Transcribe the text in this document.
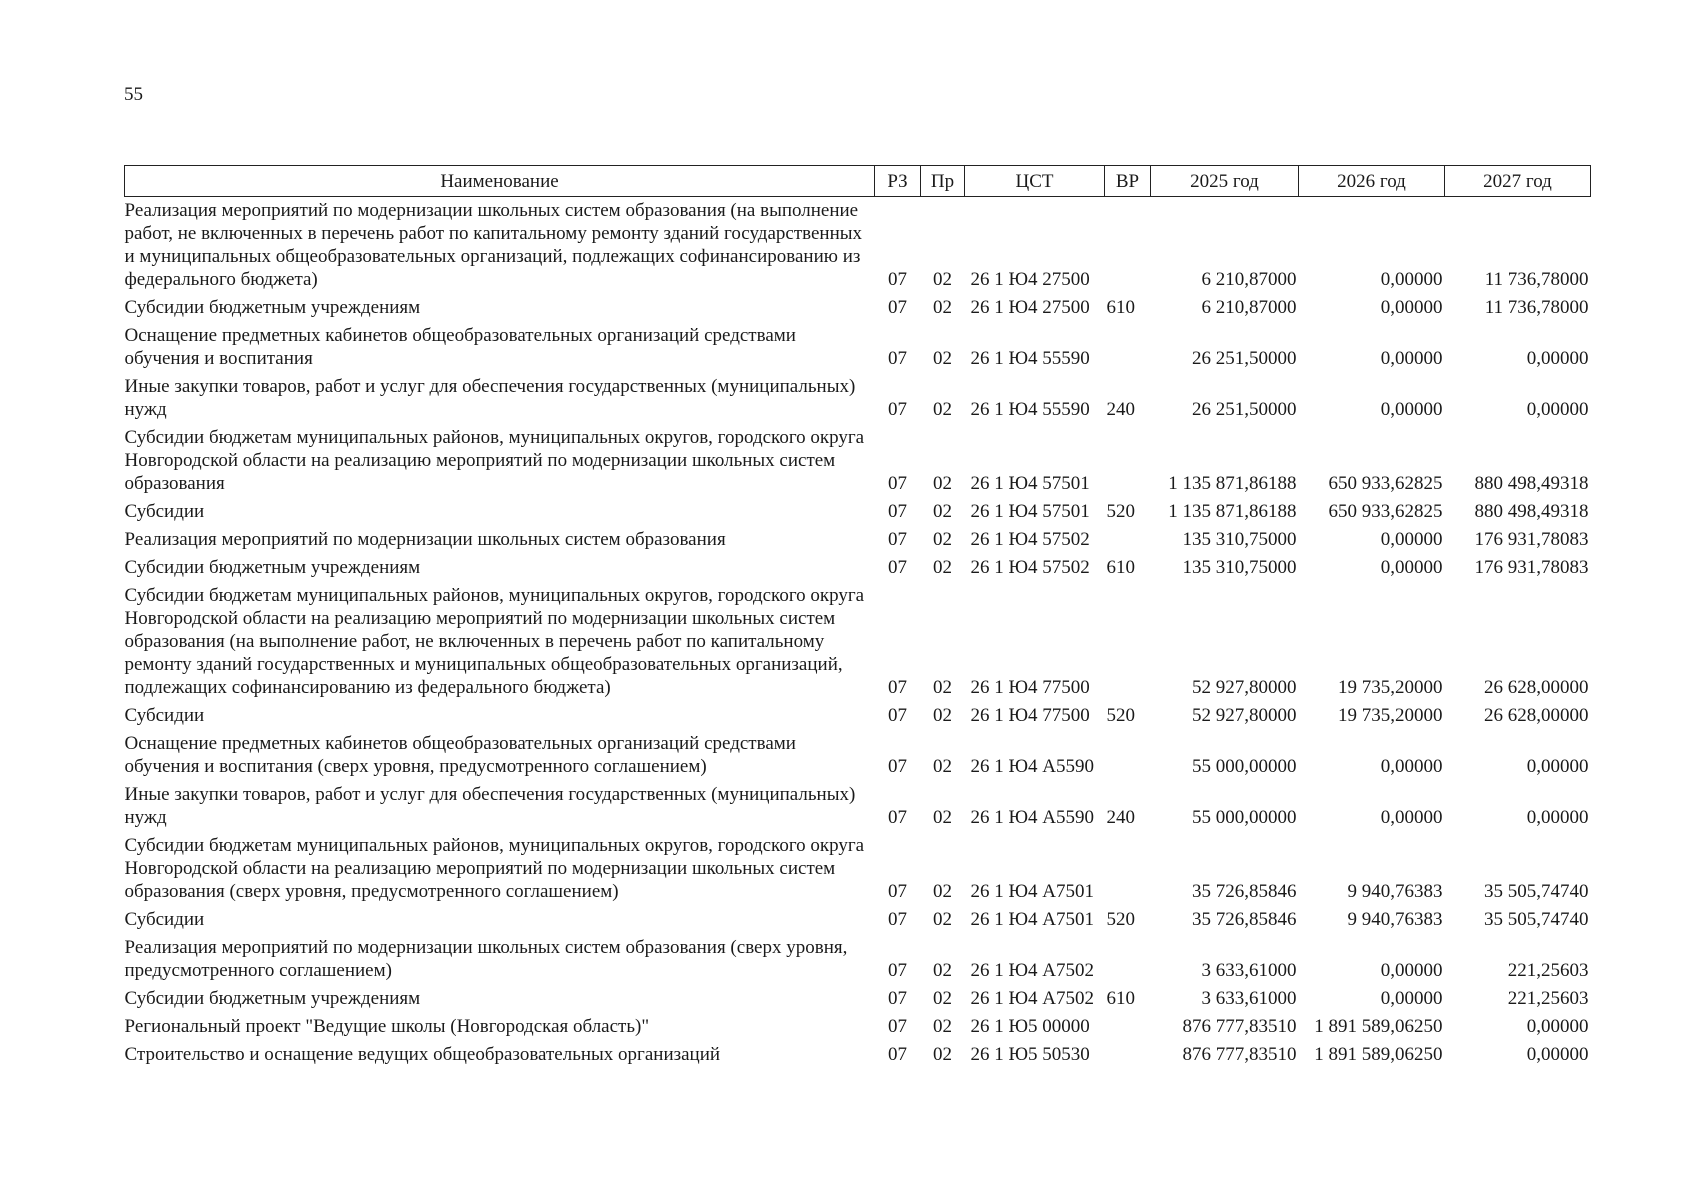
55
Наименование	РЗ	Пр	ЦСТ	ВР	2025 год	2026 год	2027 год
Реализация мероприятий по модернизации школьных систем образования (на выполнение работ, не включенных в перечень работ по капитальному ремонту зданий государственных и муниципальных общеобразовательных организаций, подлежащих софинансированию из федерального бюджета)	07	02	26 1 Ю4 27500		6 210,87000	0,00000	11 736,78000
Субсидии бюджетным учреждениям	07	02	26 1 Ю4 27500	610	6 210,87000	0,00000	11 736,78000
Оснащение предметных кабинетов общеобразовательных организаций средствами обучения и воспитания	07	02	26 1 Ю4 55590		26 251,50000	0,00000	0,00000
Иные закупки товаров, работ и услуг для обеспечения государственных (муниципальных) нужд	07	02	26 1 Ю4 55590	240	26 251,50000	0,00000	0,00000
Субсидии бюджетам муниципальных районов, муниципальных округов, городского округа Новгородской области на реализацию мероприятий по модернизации школьных систем образования	07	02	26 1 Ю4 57501		1 135 871,86188	650 933,62825	880 498,49318
Субсидии	07	02	26 1 Ю4 57501	520	1 135 871,86188	650 933,62825	880 498,49318
Реализация мероприятий по модернизации школьных систем образования	07	02	26 1 Ю4 57502		135 310,75000	0,00000	176 931,78083
Субсидии бюджетным учреждениям	07	02	26 1 Ю4 57502	610	135 310,75000	0,00000	176 931,78083
Субсидии бюджетам муниципальных районов, муниципальных округов, городского округа Новгородской области на реализацию мероприятий по модернизации школьных систем образования (на выполнение работ, не включенных в перечень работ по капитальному ремонту зданий государственных и муниципальных общеобразовательных организаций, подлежащих софинансированию из федерального бюджета)	07	02	26 1 Ю4 77500		52 927,80000	19 735,20000	26 628,00000
Субсидии	07	02	26 1 Ю4 77500	520	52 927,80000	19 735,20000	26 628,00000
Оснащение предметных кабинетов общеобразовательных организаций средствами обучения и воспитания (сверх уровня, предусмотренного соглашением)	07	02	26 1 Ю4 А5590		55 000,00000	0,00000	0,00000
Иные закупки товаров, работ и услуг для обеспечения государственных (муниципальных) нужд	07	02	26 1 Ю4 А5590	240	55 000,00000	0,00000	0,00000
Субсидии бюджетам муниципальных районов, муниципальных округов, городского округа Новгородской области на реализацию мероприятий по модернизации школьных систем образования (сверх уровня, предусмотренного соглашением)	07	02	26 1 Ю4 А7501		35 726,85846	9 940,76383	35 505,74740
Субсидии	07	02	26 1 Ю4 А7501	520	35 726,85846	9 940,76383	35 505,74740
Реализация мероприятий по модернизации школьных систем образования (сверх уровня, предусмотренного соглашением)	07	02	26 1 Ю4 А7502		3 633,61000	0,00000	221,25603
Субсидии бюджетным учреждениям	07	02	26 1 Ю4 А7502	610	3 633,61000	0,00000	221,25603
Региональный проект "Ведущие школы (Новгородская область)"	07	02	26 1 Ю5 00000		876 777,83510	1 891 589,06250	0,00000
Строительство и оснащение ведущих общеобразовательных организаций	07	02	26 1 Ю5 50530		876 777,83510	1 891 589,06250	0,00000
